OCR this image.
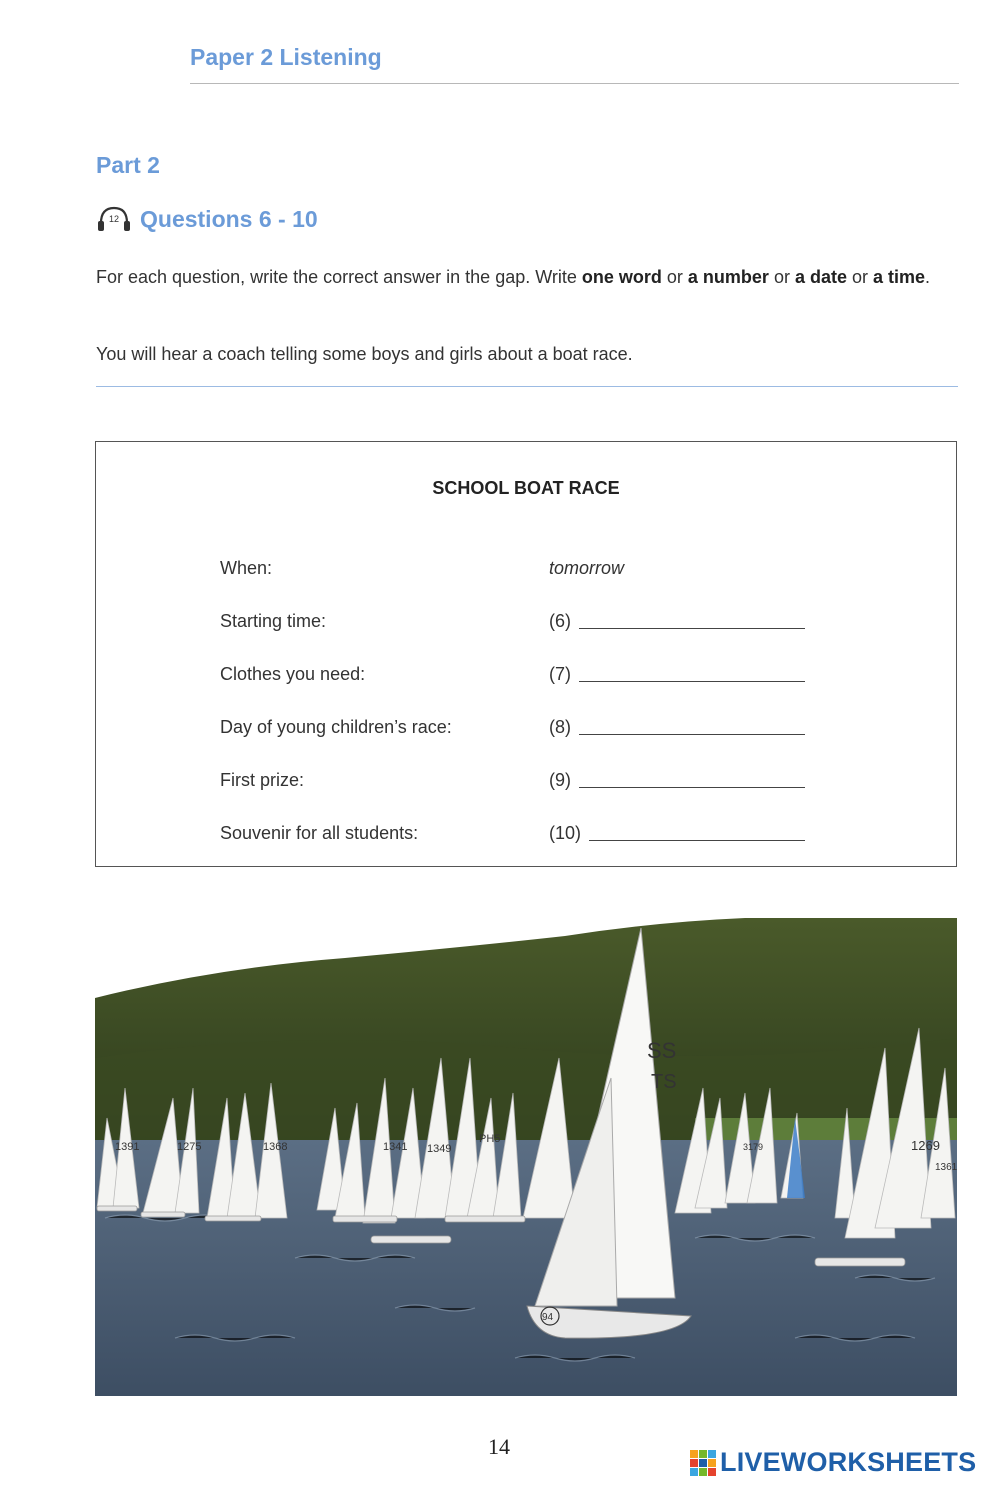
Paper 2 Listening
Part 2
12 Questions 6 - 10
For each question, write the correct answer in the gap. Write one word or a number or a date or a time.
You will hear a coach telling some boys and girls about a boat race.
SCHOOL BOAT RACE
When:	tomorrow
Starting time:	(6)
Clothes you need:	(7)
Day of young children’s race:	(8)
First prize:	(9)
Souvenir for all students:	(10)
1391	1275	1368	1341 1349
PH5
SS
TS
94
1269
3179
1361
14
LIVEWORKSHEETS
